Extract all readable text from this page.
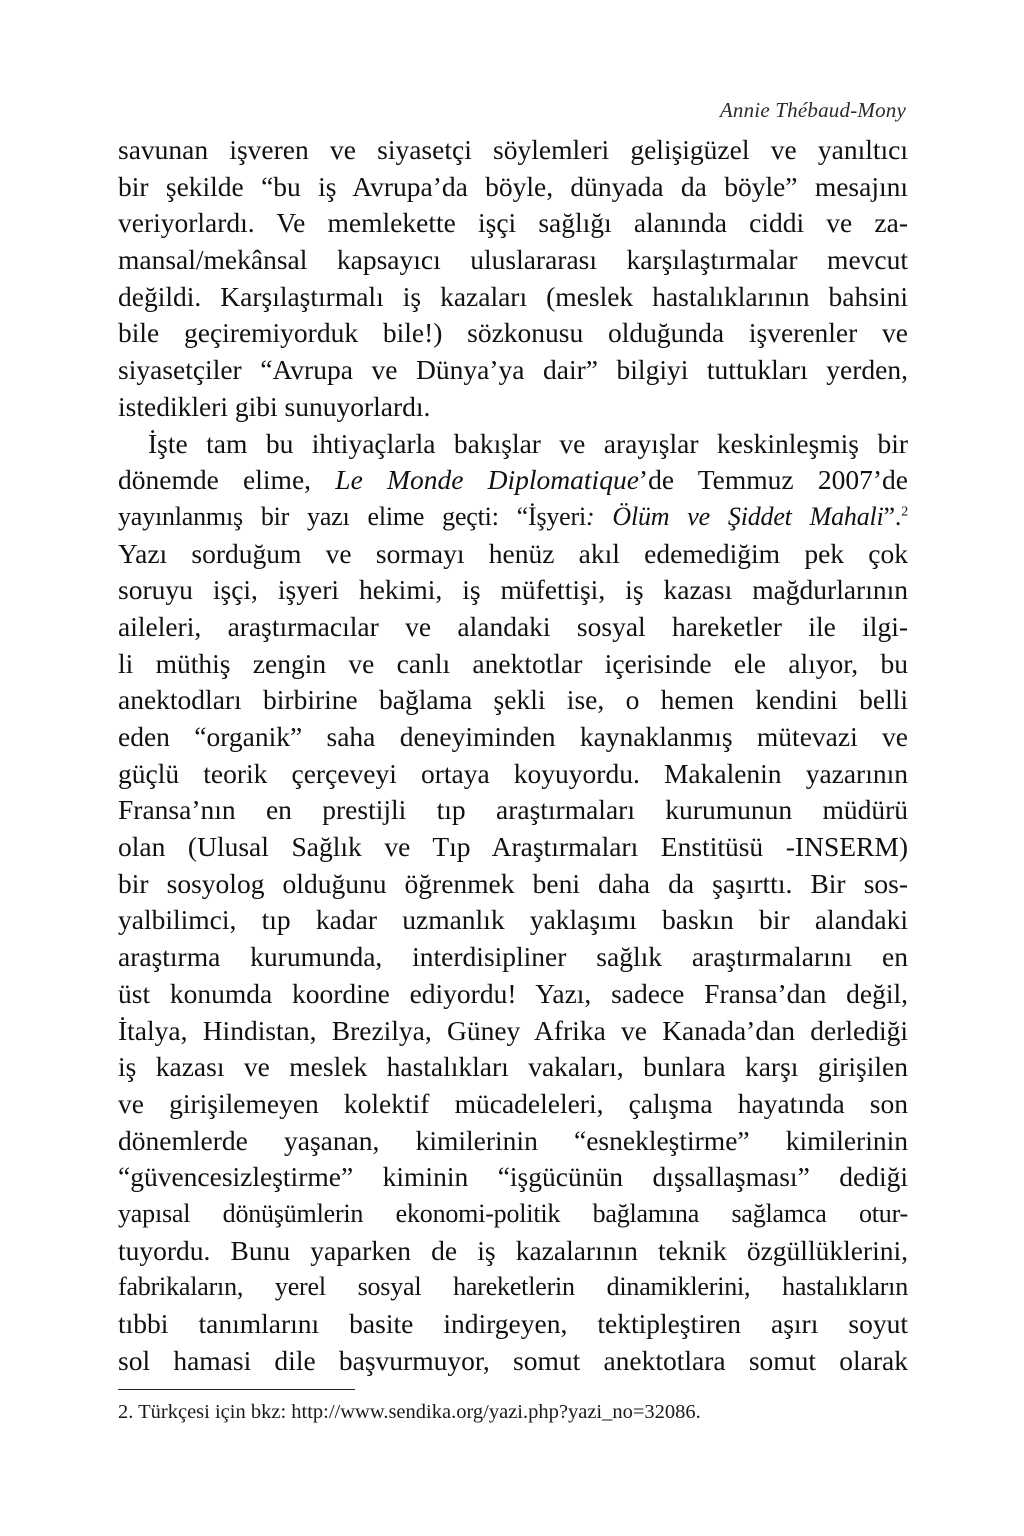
Annie Thébaud-Mony
savunan işveren ve siyasetçi söylemleri gelişigüzel ve yanıltıcı
bir şekilde “bu iş Avrupa’da böyle, dünyada da böyle” mesajını
veriyorlardı. Ve memlekette işçi sağlığı alanında ciddi ve za-
mansal/mekânsal kapsayıcı uluslararası karşılaştırmalar mevcut
değildi. Karşılaştırmalı iş kazaları (meslek hastalıklarının bahsini
bile geçiremiyorduk bile!) sözkonusu olduğunda işverenler ve
siyasetçiler “Avrupa ve Dünya’ya dair” bilgiyi tuttukları yerden,
istedikleri gibi sunuyorlardı.
İşte tam bu ihtiyaçlarla bakışlar ve arayışlar keskinleşmiş bir
dönemde elime, Le Monde Diplomatique’de Temmuz 2007’de
yayınlanmış bir yazı elime geçti: “İşyeri: Ölüm ve Şiddet Mahali”.$^2$
Yazı sorduğum ve sormayı henüz akıl edemediğim pek çok
soruyu işçi, işyeri hekimi, iş müfettişi, iş kazası mağdurlarının
aileleri, araştırmacılar ve alandaki sosyal hareketler ile ilgi-
li müthiş zengin ve canlı anektotlar içerisinde ele alıyor, bu
anektodları birbirine bağlama şekli ise, o hemen kendini belli
eden “organik” saha deneyiminden kaynaklanmış mütevazi ve
güçlü teorik çerçeveyi ortaya koyuyordu. Makalenin yazarının
Fransa’nın en prestijli tıp araştırmaları kurumunun müdürü
olan (Ulusal Sağlık ve Tıp Araştırmaları Enstitüsü -INSERM)
bir sosyolog olduğunu öğrenmek beni daha da şaşırttı. Bir sos-
yalbilimci, tıp kadar uzmanlık yaklaşımı baskın bir alandaki
araştırma kurumunda, interdisipliner sağlık araştırmalarını en
üst konumda koordine ediyordu! Yazı, sadece Fransa’dan değil,
İtalya, Hindistan, Brezilya, Güney Afrika ve Kanada’dan derlediği
iş kazası ve meslek hastalıkları vakaları, bunlara karşı girişilen
ve girişilemeyen kolektif mücadeleleri, çalışma hayatında son
dönemlerde yaşanan, kimilerinin “esnekleştirme” kimilerinin
“güvencesizleştirme” kiminin “işgücünün dışsallaşması” dediği
yapısal dönüşümlerin ekonomi-politik bağlamına sağlamca otur-
tuyordu. Bunu yaparken de iş kazalarının teknik özgüllüklerini,
fabrikaların, yerel sosyal hareketlerin dinamiklerini, hastalıkların
tıbbi tanımlarını basite indirgeyen, tektipleştiren aşırı soyut
sol hamasi dile başvurmuyor, somut anektotlara somut olarak
2. Türkçesi için bkz: http://www.sendika.org/yazi.php?yazi_no=32086.
